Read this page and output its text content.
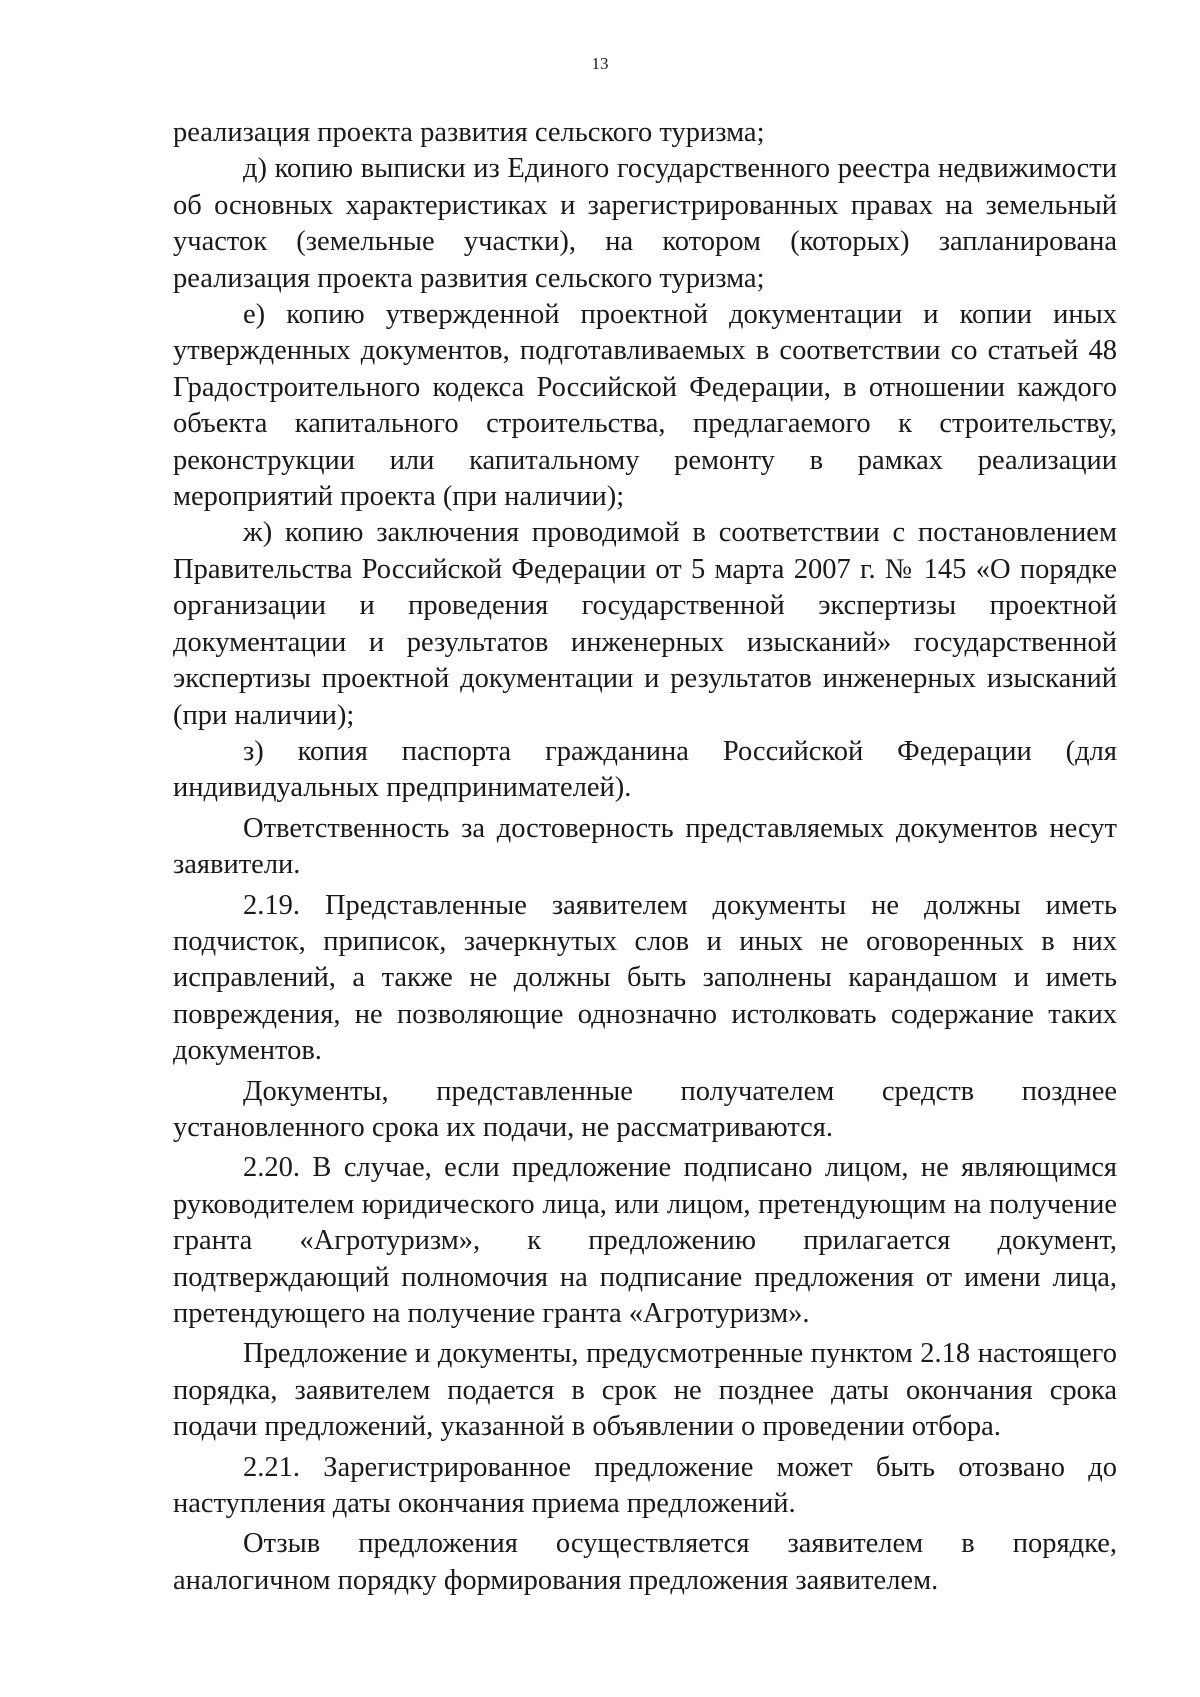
13

реализация проекта развития сельского туризма;

д) копию выписки из Единого государственного реестра недвижимости об основных характеристиках и зарегистрированных правах на земельный участок (земельные участки), на котором (которых) запланирована реализация проекта развития сельского туризма;

е) копию утвержденной проектной документации и копии иных утвержденных документов, подготавливаемых в соответствии со статьей 48 Градостроительного кодекса Российской Федерации, в отношении каждого объекта капитального строительства, предлагаемого к строительству, реконструкции или капитальному ремонту в рамках реализации мероприятий проекта (при наличии);

ж) копию заключения проводимой в соответствии с постановлением Правительства Российской Федерации от 5 марта 2007 г. № 145 «О порядке организации и проведения государственной экспертизы проектной документации и результатов инженерных изысканий» государственной экспертизы проектной документации и результатов инженерных изысканий (при наличии);

з) копия паспорта гражданина Российской Федерации (для индивидуальных предпринимателей).

Ответственность за достоверность представляемых документов несут заявители.

2.19. Представленные заявителем документы не должны иметь подчисток, приписок, зачеркнутых слов и иных не оговоренных в них исправлений, а также не должны быть заполнены карандашом и иметь повреждения, не позволяющие однозначно истолковать содержание таких документов.

Документы, представленные получателем средств позднее установленного срока их подачи, не рассматриваются.

2.20. В случае, если предложение подписано лицом, не являющимся руководителем юридического лица, или лицом, претендующим на получение гранта «Агротуризм», к предложению прилагается документ, подтверждающий полномочия на подписание предложения от имени лица, претендующего на получение гранта «Агротуризм».

Предложение и документы, предусмотренные пунктом 2.18 настоящего порядка, заявителем подается в срок не позднее даты окончания срока подачи предложений, указанной в объявлении о проведении отбора.

2.21. Зарегистрированное предложение может быть отозвано до наступления даты окончания приема предложений.

Отзыв предложения осуществляется заявителем в порядке, аналогичном порядку формирования предложения заявителем.
